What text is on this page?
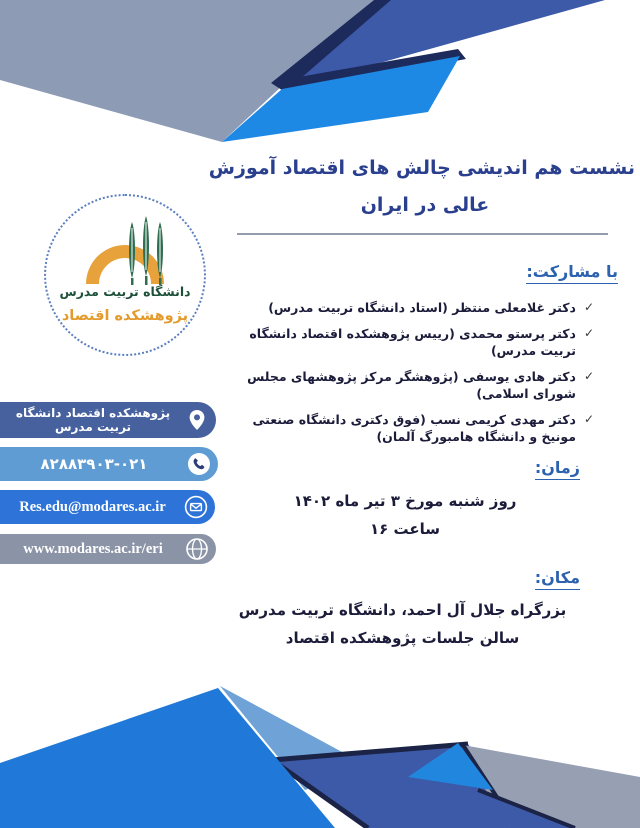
نشست هم اندیشی چالش های اقتصاد آموزش
عالی در ایران
دانشگاه تربیت مدرس
پژوهشکده اقتصاد
با مشارکت:
✓
دکتر غلامعلی منتظر (استاد دانشگاه تربیت مدرس)
✓
دکتر پرستو محمدی (رییس پژوهشکده اقتصاد دانشگاه تربیت مدرس)
✓
دکتر هادی یوسفی (پژوهشگر مرکز پژوهشهای مجلس شورای اسلامی)
✓
دکتر مهدی کریمی نسب (فوق دکتری دانشگاه صنعتی مونیخ و دانشگاه هامبورگ آلمان)
زمان:
روز شنبه مورخ ۳ تیر ماه ۱۴۰۲
ساعت ۱۶
مکان:
بزرگراه جلال آل احمد، دانشگاه تربیت مدرس
سالن جلسات پژوهشکده اقتصاد
پژوهشکده اقتصاد دانشگاه تربیت مدرس
۸۲۸۸۳۹۰۳-۰۲۱
Res.edu@modares.ac.ir
www.modares.ac.ir/eri
